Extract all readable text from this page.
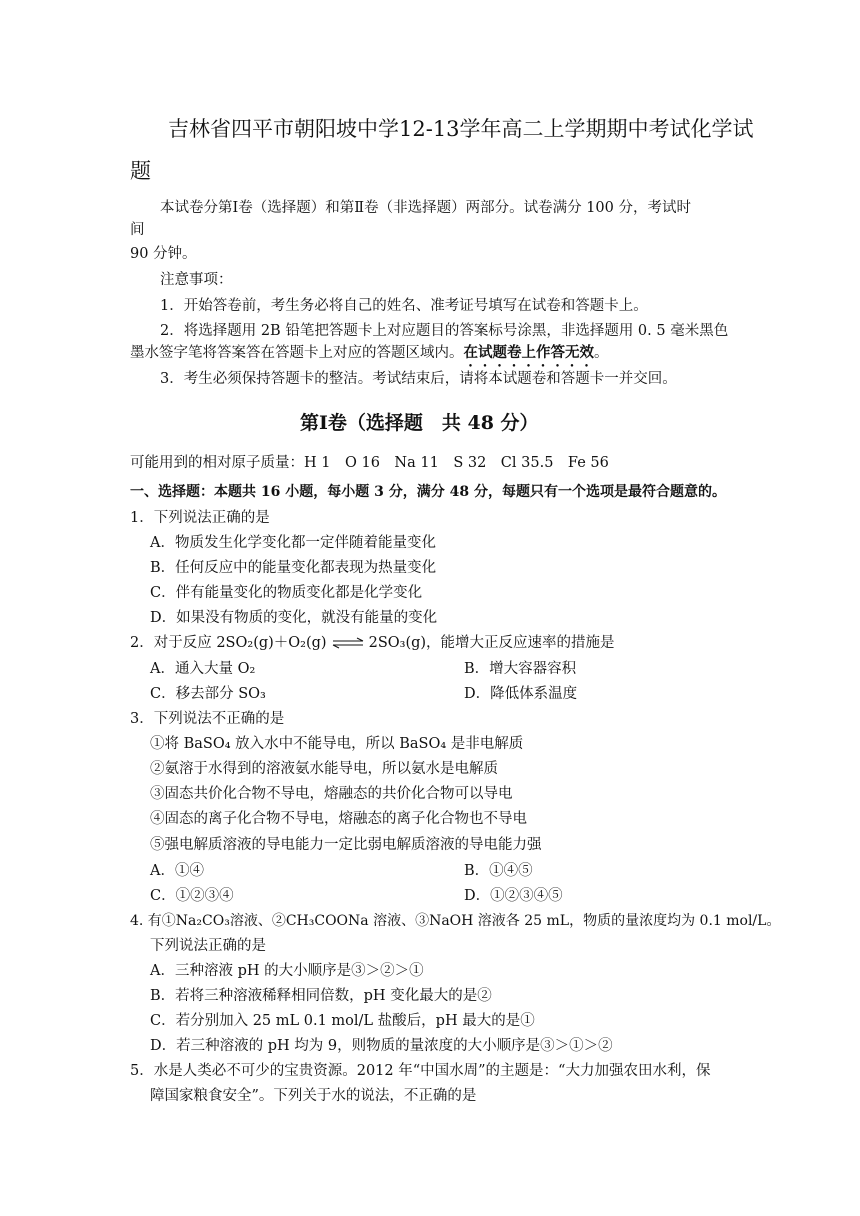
吉林省四平市朝阳坡中学12-13学年高二上学期期中考试化学试
题
本试卷分第Ⅰ卷（选择题）和第Ⅱ卷（非选择题）两部分。试卷满分 100 分，考试时
间
90 分钟。
注意事项：
1．开始答卷前，考生务必将自己的姓名、准考证号填写在试卷和答题卡上。
2．将选择题用 2B 铅笔把答题卡上对应题目的答案标号涂黑，非选择题用 0. 5 毫米黑色
墨水签字笔将答案答在答题卡上对应的答题区域内。在试题卷上作答无效。
3．考生必须保持答题卡的整洁。考试结束后，请将本试题卷和答题卡一并交回。
第Ⅰ卷（选择题　共 48 分）
可能用到的相对原子质量：H 1　O 16　Na 11　S 32　Cl 35.5　Fe 56
一、选择题：本题共 16 小题，每小题 3 分，满分 48 分，每题只有一个选项是最符合题意的。
1．下列说法正确的是
A．物质发生化学变化都一定伴随着能量变化
B．任何反应中的能量变化都表现为热量变化
C．伴有能量变化的物质变化都是化学变化
D．如果没有物质的变化，就没有能量的变化
2．对于反应 2SO₂(g)＋O₂(g) ⇌ 2SO₃(g)，能增大正反应速率的措施是
A．通入大量 O₂	B．增大容器容积
C．移去部分 SO₃	D．降低体系温度
3．下列说法不正确的是
①将 BaSO₄ 放入水中不能导电，所以 BaSO₄ 是非电解质
②氨溶于水得到的溶液氨水能导电，所以氨水是电解质
③固态共价化合物不导电，熔融态的共价化合物可以导电
④固态的离子化合物不导电，熔融态的离子化合物也不导电
⑤强电解质溶液的导电能力一定比弱电解质溶液的导电能力强
A．①④	B．①④⑤
C．①②③④	D．①②③④⑤
4. 有①Na₂CO₃溶液、②CH₃COONa 溶液、③NaOH 溶液各 25 mL，物质的量浓度均为 0.1 mol/L。
下列说法正确的是
A．三种溶液 pH 的大小顺序是③＞②＞①
B．若将三种溶液稀释相同倍数，pH 变化最大的是②
C．若分别加入 25 mL 0.1 mol/L 盐酸后，pH 最大的是①
D．若三种溶液的 pH 均为 9，则物质的量浓度的大小顺序是③＞①＞②
5．水是人类必不可少的宝贵资源。2012 年“中国水周”的主题是：“大力加强农田水利，保
障国家粮食安全”。下列关于水的说法，不正确的是
